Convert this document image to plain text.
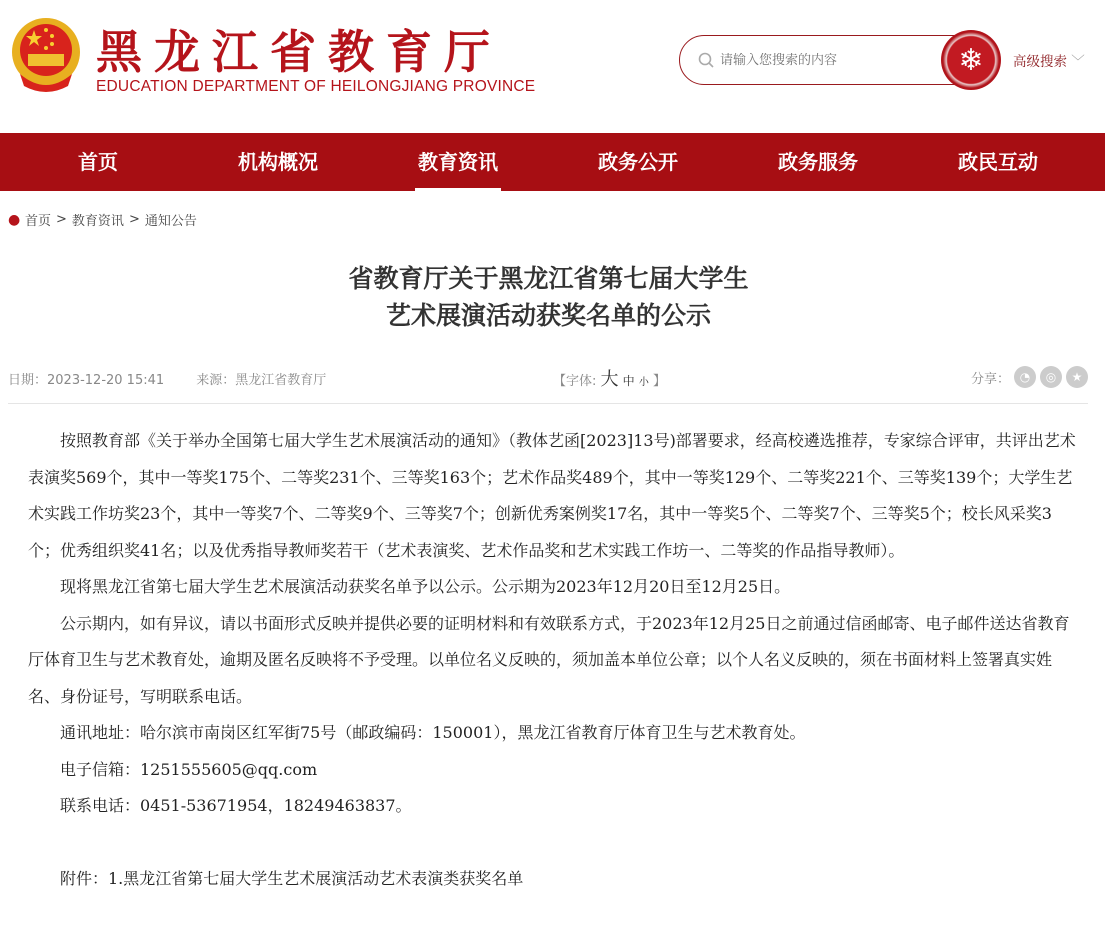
黑龙江省教育厅
EDUCATION DEPARTMENT OF HEILONGJIANG PROVINCE
请输入您搜索的内容
❄ 高级搜索 ﹀
首页	机构概况	教育资讯	政务公开	政务服务	政民互动
● 首页 > 教育资讯 > 通知公告
省教育厅关于黑龙江省第七届大学生
艺术展演活动获奖名单的公示
日期：2023-12-20 15:41 来源：黑龙江省教育厅	【字体: 大 中 小 】	分享： ◔	◎	★

按照教育部《关于举办全国第七届大学生艺术展演活动的通知》（教体艺函[2023]13号)部署要求，经高校遴选推荐，专家综合评审，共评出艺术表演奖569个，其中一等奖175个、二等奖231个、三等奖163个；艺术作品奖489个，其中一等奖129个、二等奖221个、三等奖139个；大学生艺术实践工作坊奖23个，其中一等奖7个、二等奖9个、三等奖7个；创新优秀案例奖17名，其中一等奖5个、二等奖7个、三等奖5个；校长风采奖3个；优秀组织奖41名；以及优秀指导教师奖若干（艺术表演奖、艺术作品奖和艺术实践工作坊一、二等奖的作品指导教师）。

现将黑龙江省第七届大学生艺术展演活动获奖名单予以公示。公示期为2023年12月20日至12月25日。

公示期内，如有异议，请以书面形式反映并提供必要的证明材料和有效联系方式，于2023年12月25日之前通过信函邮寄、电子邮件送达省教育厅体育卫生与艺术教育处，逾期及匿名反映将不予受理。以单位名义反映的，须加盖本单位公章；以个人名义反映的，须在书面材料上签署真实姓名、身份证号，写明联系电话。

通讯地址：哈尔滨市南岗区红军街75号（邮政编码：150001），黑龙江省教育厅体育卫生与艺术教育处。

电子信箱：1251555605@qq.com

联系电话：0451-53671954，18249463837。

附件：1.黑龙江省第七届大学生艺术展演活动艺术表演类获奖名单
